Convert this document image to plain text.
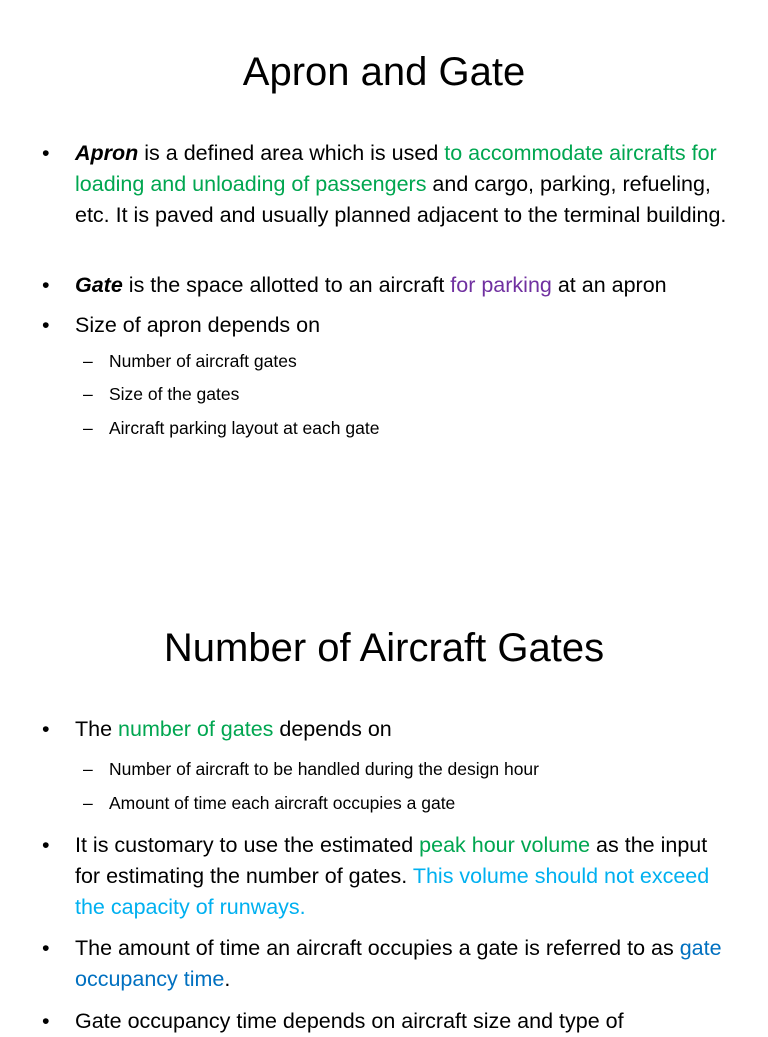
Apron and Gate
• Apron is a defined area which is used to accommodate aircrafts for loading and unloading of passengers and cargo, parking, refueling, etc. It is paved and usually planned adjacent to the terminal building.
• Gate is the space allotted to an aircraft for parking at an apron
• Size of apron depends on
– Number of aircraft gates
– Size of the gates
– Aircraft parking layout at each gate
Number of Aircraft Gates
• The number of gates depends on
– Number of aircraft to be handled during the design hour
– Amount of time each aircraft occupies a gate
• It is customary to use the estimated peak hour volume as the input for estimating the number of gates. This volume should not exceed the capacity of runways.
• The amount of time an aircraft occupies a gate is referred to as gate occupancy time.
• Gate occupancy time depends on aircraft size and type of
